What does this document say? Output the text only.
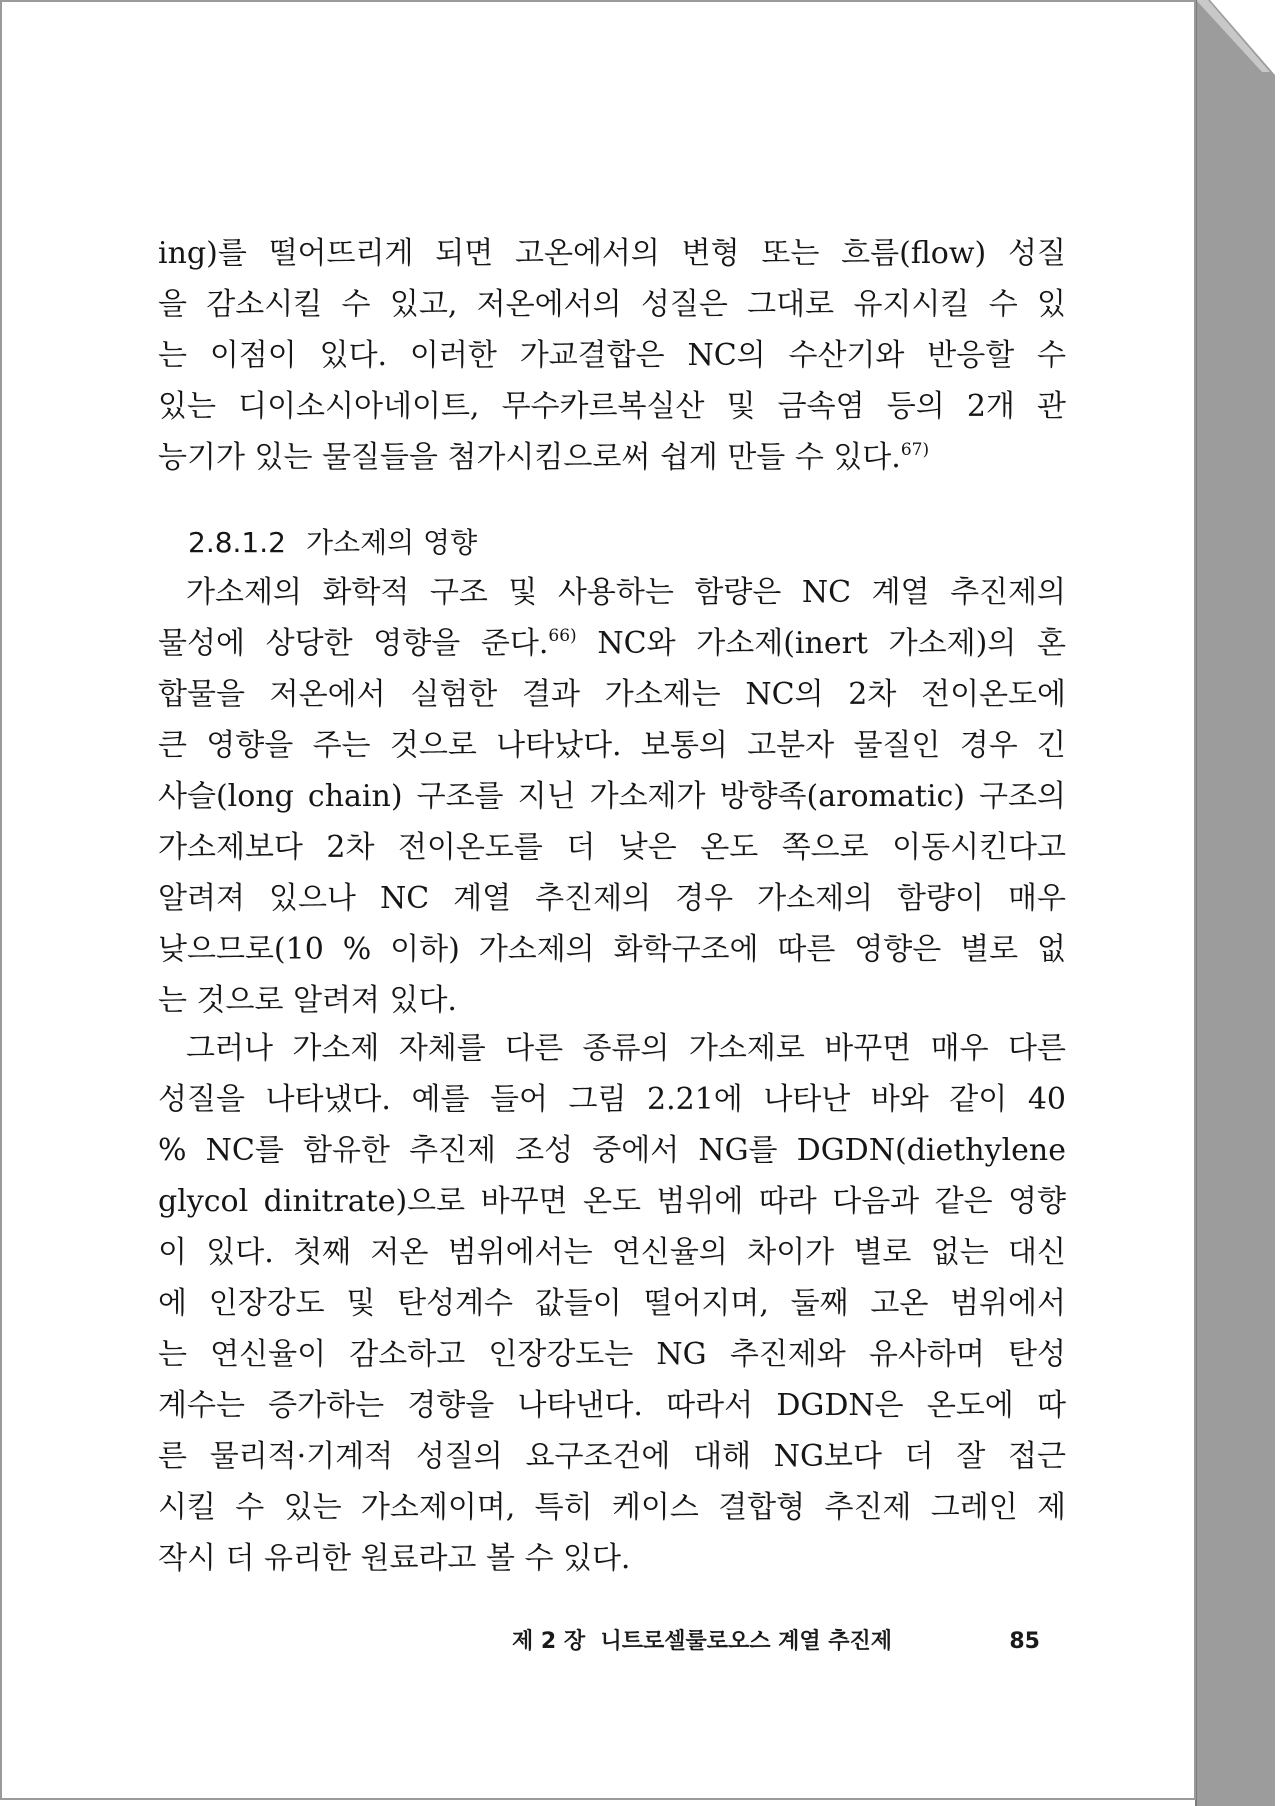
ing)를 떨어뜨리게 되면 고온에서의 변형 또는 흐름(flow) 성질
을 감소시킬 수 있고, 저온에서의 성질은 그대로 유지시킬 수 있
는 이점이 있다. 이러한 가교결합은 NC의 수산기와 반응할 수
있는 디이소시아네이트, 무수카르복실산 및 금속염 등의 2개 관
능기가 있는 물질들을 첨가시킴으로써 쉽게 만들 수 있다.$^{67)}$
2.8.1.2 가소제의 영향
가소제의 화학적 구조 및 사용하는 함량은 NC 계열 추진제의
물성에 상당한 영향을 준다.$^{66)}$ NC와 가소제(inert 가소제)의 혼
합물을 저온에서 실험한 결과 가소제는 NC의 2차 전이온도에
큰 영향을 주는 것으로 나타났다. 보통의 고분자 물질인 경우 긴
사슬(long chain) 구조를 지닌 가소제가 방향족(aromatic) 구조의
가소제보다 2차 전이온도를 더 낮은 온도 쪽으로 이동시킨다고
알려져 있으나 NC 계열 추진제의 경우 가소제의 함량이 매우
낮으므로(10 % 이하) 가소제의 화학구조에 따른 영향은 별로 없
는 것으로 알려져 있다.
그러나 가소제 자체를 다른 종류의 가소제로 바꾸면 매우 다른
성질을 나타냈다. 예를 들어 그림 2.21에 나타난 바와 같이 40
% NC를 함유한 추진제 조성 중에서 NG를 DGDN(diethylene
glycol dinitrate)으로 바꾸면 온도 범위에 따라 다음과 같은 영향
이 있다. 첫째 저온 범위에서는 연신율의 차이가 별로 없는 대신
에 인장강도 및 탄성계수 값들이 떨어지며, 둘째 고온 범위에서
는 연신율이 감소하고 인장강도는 NG 추진제와 유사하며 탄성
계수는 증가하는 경향을 나타낸다. 따라서 DGDN은 온도에 따
른 물리적·기계적 성질의 요구조건에 대해 NG보다 더 잘 접근
시킬 수 있는 가소제이며, 특히 케이스 결합형 추진제 그레인 제
작시 더 유리한 원료라고 볼 수 있다.
제 2 장  니트로셀룰로오스 계열 추진제	85
